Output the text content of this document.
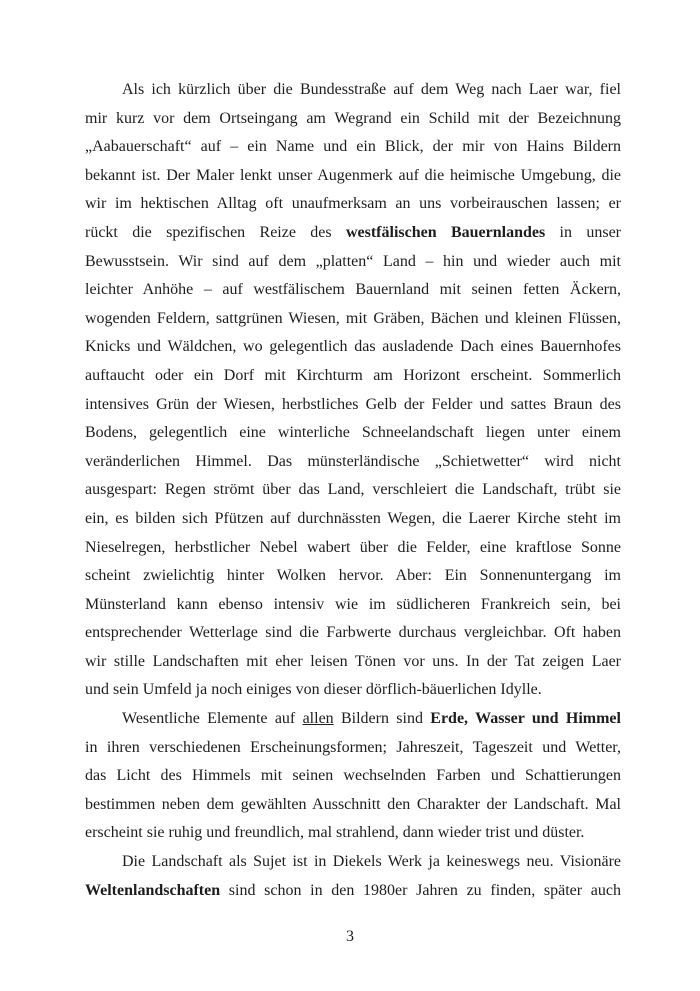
Als ich kürzlich über die Bundesstraße auf dem Weg nach Laer war, fiel
mir kurz vor dem Ortseingang am Wegrand ein Schild mit der Bezeichnung
„Aabauerschaft“ auf – ein Name und ein Blick, der mir von Hains Bildern
bekannt ist. Der Maler lenkt unser Augenmerk auf die heimische Umgebung, die
wir im hektischen Alltag oft unaufmerksam an uns vorbeirauschen lassen; er
rückt die spezifischen Reize des westfälischen Bauernlandes in unser
Bewusstsein. Wir sind auf dem „platten“ Land – hin und wieder auch mit
leichter Anhöhe – auf westfälischem Bauernland mit seinen fetten Äckern,
wogenden Feldern, sattgrünen Wiesen, mit Gräben, Bächen und kleinen Flüssen,
Knicks und Wäldchen, wo gelegentlich das ausladende Dach eines Bauernhofes
auftaucht oder ein Dorf mit Kirchturm am Horizont erscheint. Sommerlich
intensives Grün der Wiesen, herbstliches Gelb der Felder und sattes Braun des
Bodens, gelegentlich eine winterliche Schneelandschaft liegen unter einem
veränderlichen Himmel. Das münsterländische „Schietwetter“ wird nicht
ausgespart: Regen strömt über das Land, verschleiert die Landschaft, trübt sie
ein, es bilden sich Pfützen auf durchnässten Wegen, die Laerer Kirche steht im
Nieselregen, herbstlicher Nebel wabert über die Felder, eine kraftlose Sonne
scheint zwielichtig hinter Wolken hervor. Aber: Ein Sonnenuntergang im
Münsterland kann ebenso intensiv wie im südlicheren Frankreich sein, bei
entsprechender Wetterlage sind die Farbwerte durchaus vergleichbar. Oft haben
wir stille Landschaften mit eher leisen Tönen vor uns. In der Tat zeigen Laer
und sein Umfeld ja noch einiges von dieser dörflich-bäuerlichen Idylle.
Wesentliche Elemente auf allen Bildern sind Erde, Wasser und Himmel
in ihren verschiedenen Erscheinungsformen; Jahreszeit, Tageszeit und Wetter,
das Licht des Himmels mit seinen wechselnden Farben und Schattierungen
bestimmen neben dem gewählten Ausschnitt den Charakter der Landschaft. Mal
erscheint sie ruhig und freundlich, mal strahlend, dann wieder trist und düster.
Die Landschaft als Sujet ist in Diekels Werk ja keineswegs neu. Visionäre
Weltenlandschaften sind schon in den 1980er Jahren zu finden, später auch
3
